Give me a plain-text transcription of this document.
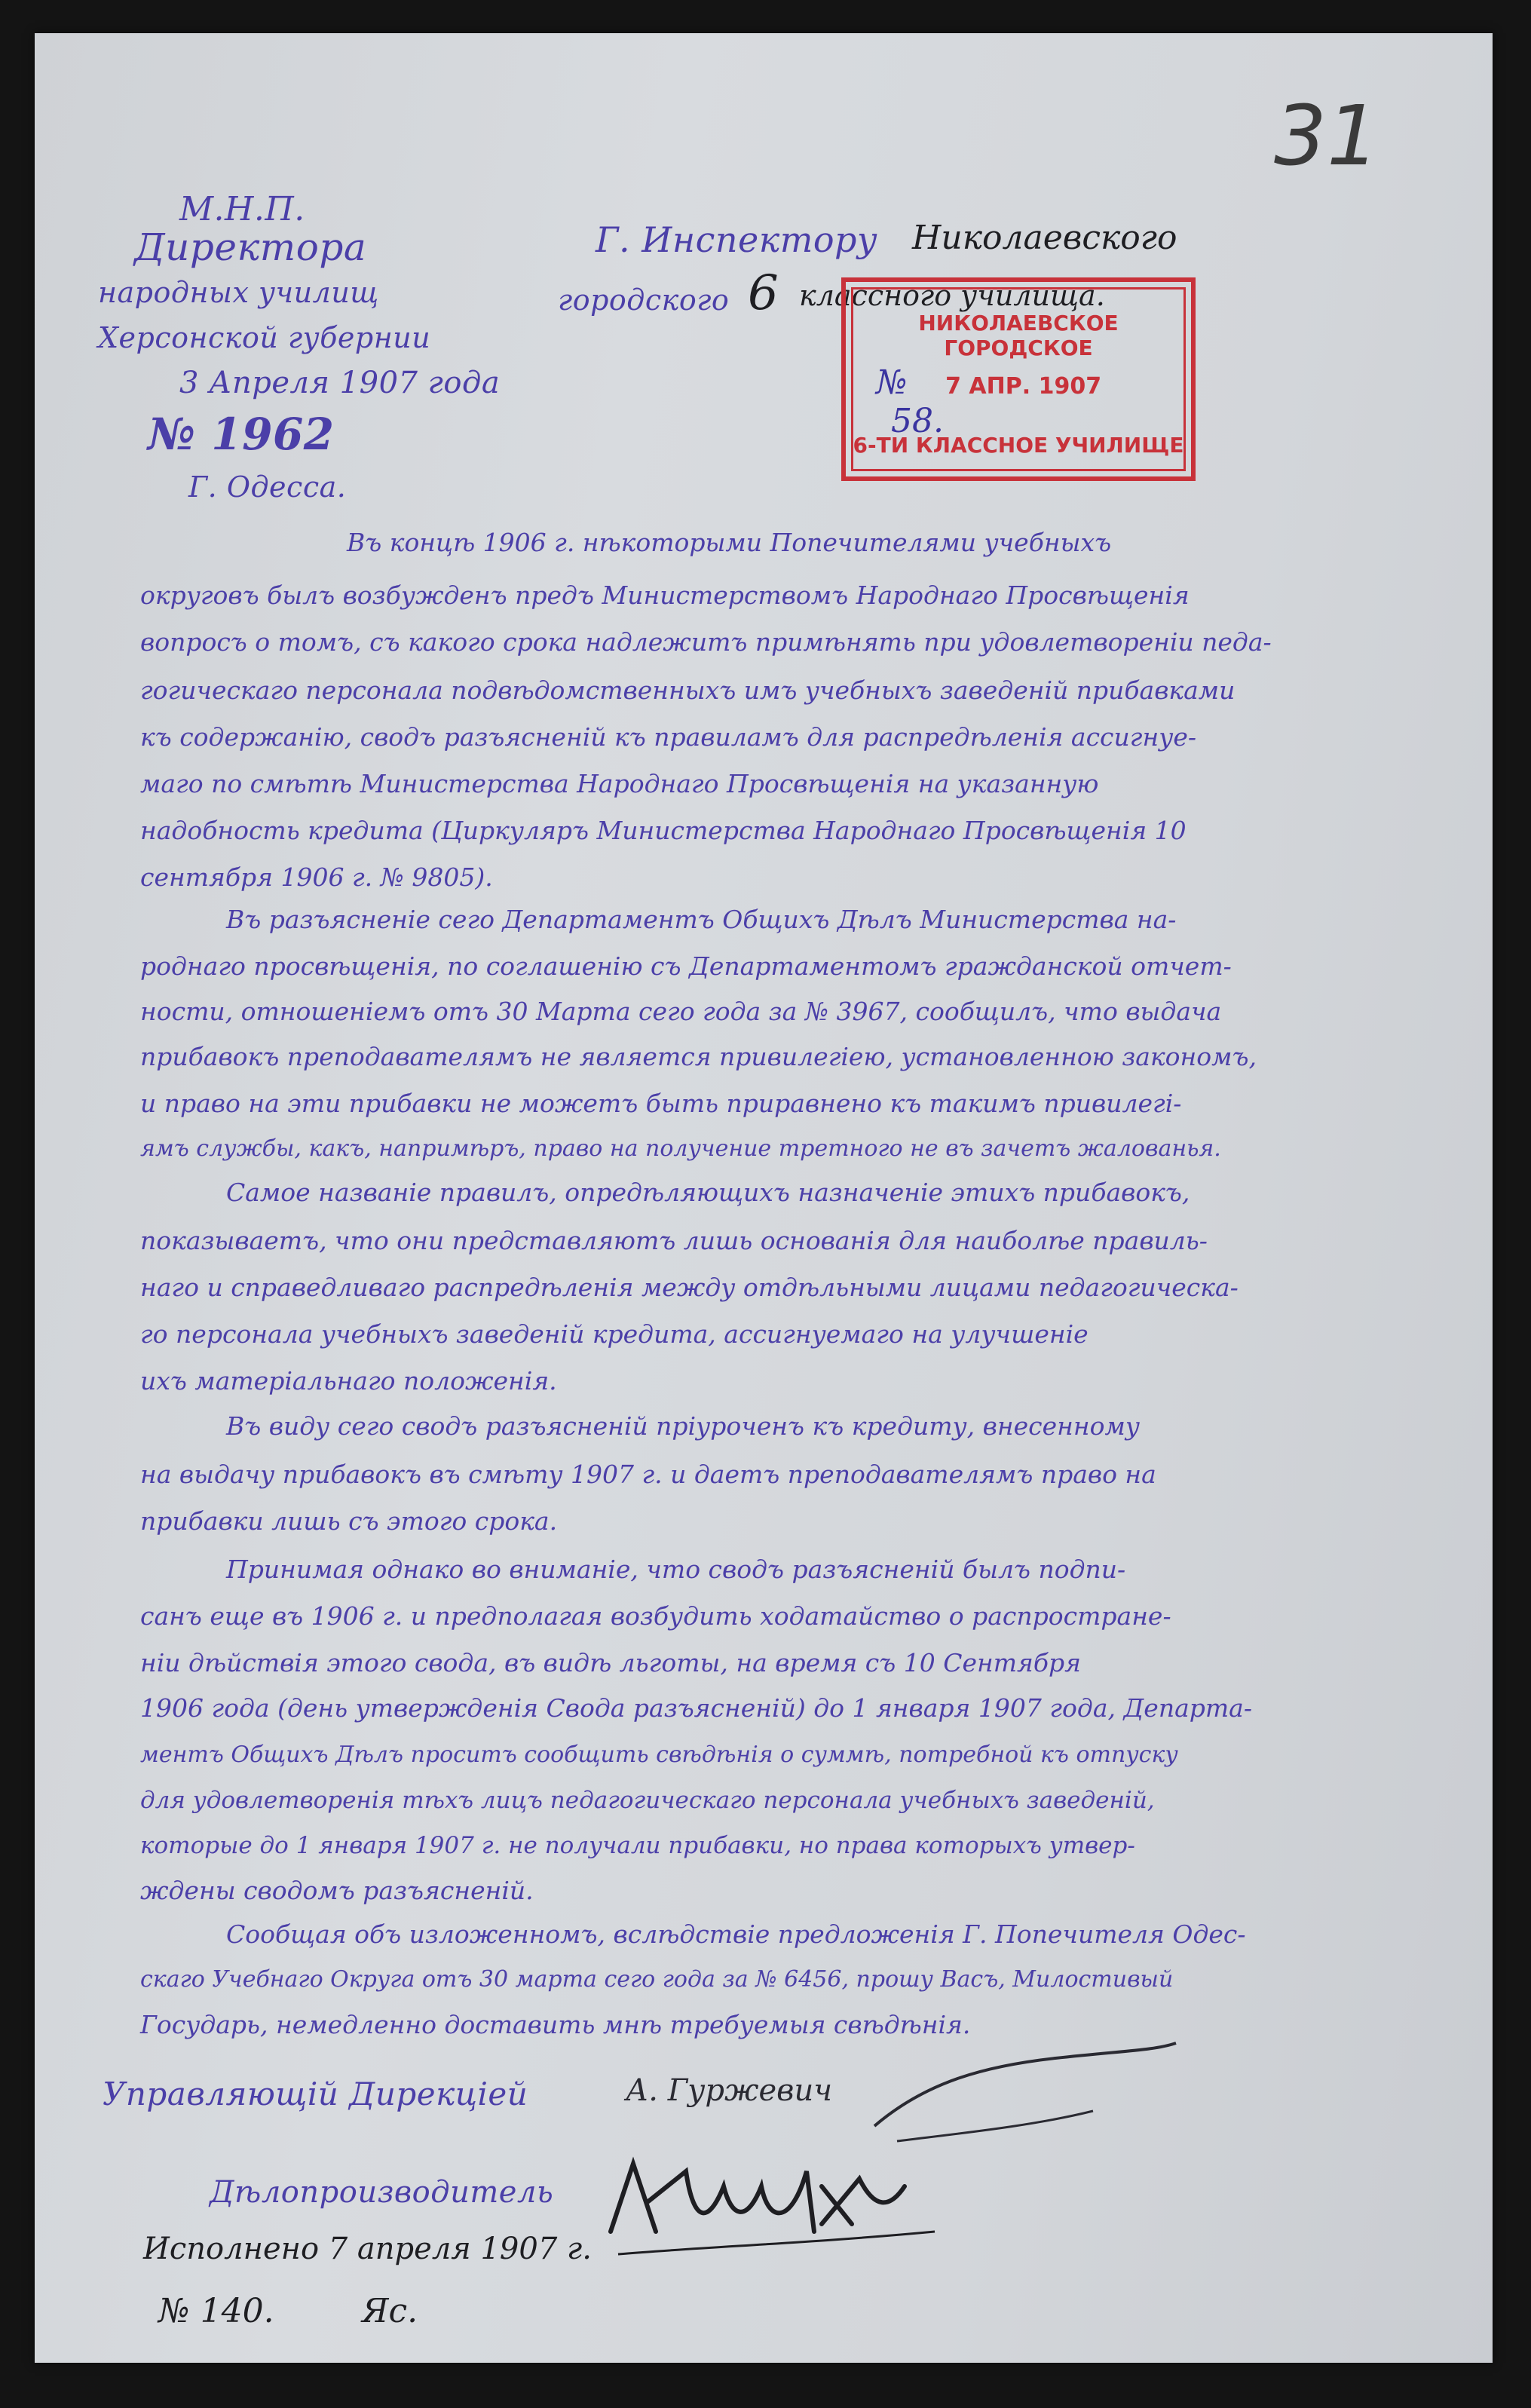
31
М.Н.П.
Директора
народных училищ
Херсонской губернии
3 Апреля 1907 года
№ 1962
Г. Одесса.
Г. Инспектору Николаевского
городского 6 классного училища.
НИКОЛАЕВСКОЕ ГОРОДСКОЕ
№ 7 АПР. 1907 58.
6-ТИ КЛАССНОЕ УЧИЛИЩЕ
Въ концѣ 1906 г. нѣкоторыми Попечителями учебныхъ
округовъ былъ возбужденъ предъ Министерствомъ Народнаго Просвѣщенія
вопросъ о томъ, съ какого срока надлежитъ примѣнять при удовлетвореніи педа-
гогическаго персонала подвѣдомственныхъ имъ учебныхъ заведеній прибавками
къ содержанію, сводъ разъясненій къ правиламъ для распредѣленія ассигнуе-
маго по смѣтѣ Министерства Народнаго Просвѣщенія на указанную
надобность кредита (Циркуляръ Министерства Народнаго Просвѣщенія 10
сентября 1906 г. № 9805).
Въ разъясненіе сего Департаментъ Общихъ Дѣлъ Министерства на-
роднаго просвѣщенія, по соглашенію съ Департаментомъ гражданской отчет-
ности, отношеніемъ отъ 30 Марта сего года за № 3967, сообщилъ, что выдача
прибавокъ преподавателямъ не является привилегіею, установленною закономъ,
и право на эти прибавки не можетъ быть приравнено къ такимъ привилегі-
ямъ службы, какъ, напримѣръ, право на получение третного не въ зачетъ жалованья.
Самое названіе правилъ, опредѣляющихъ назначеніе этихъ прибавокъ,
показываетъ, что они представляютъ лишь основанія для наиболѣе правиль-
наго и справедливаго распредѣленія между отдѣльными лицами педагогическа-
го персонала учебныхъ заведеній кредита, ассигнуемаго на улучшеніе
ихъ матеріальнаго положенія.
Въ виду сего сводъ разъясненій пріуроченъ къ кредиту, внесенному
на выдачу прибавокъ въ смѣту 1907 г. и даетъ преподавателямъ право на
прибавки лишь съ этого срока.
Принимая однако во вниманіе, что сводъ разъясненій былъ подпи-
санъ еще въ 1906 г. и предполагая возбудить ходатайство о распростране-
ніи дѣйствія этого свода, въ видѣ льготы, на время съ 10 Сентября
1906 года (день утвержденія Свода разъясненій) до 1 января 1907 года, Департа-
ментъ Общихъ Дѣлъ проситъ сообщить свѣдѣнія о суммѣ, потребной къ отпуску
для удовлетворенія тѣхъ лицъ педагогическаго персонала учебныхъ заведеній,
которые до 1 января 1907 г. не получали прибавки, но права которыхъ утвер-
ждены сводомъ разъясненій.
Сообщая объ изложенномъ, вслѣдствіе предложенія Г. Попечителя Одес-
скаго Учебнаго Округа отъ 30 марта сего года за № 6456, прошу Васъ, Милостивый
Государь, немедленно доставить мнѣ требуемыя свѣдѣнія.
Управляющій Дирекціей	А. Гуржевич
Дѣлопроизводитель
Исполнено 7 апреля 1907 г.
№ 140.	Яс.
